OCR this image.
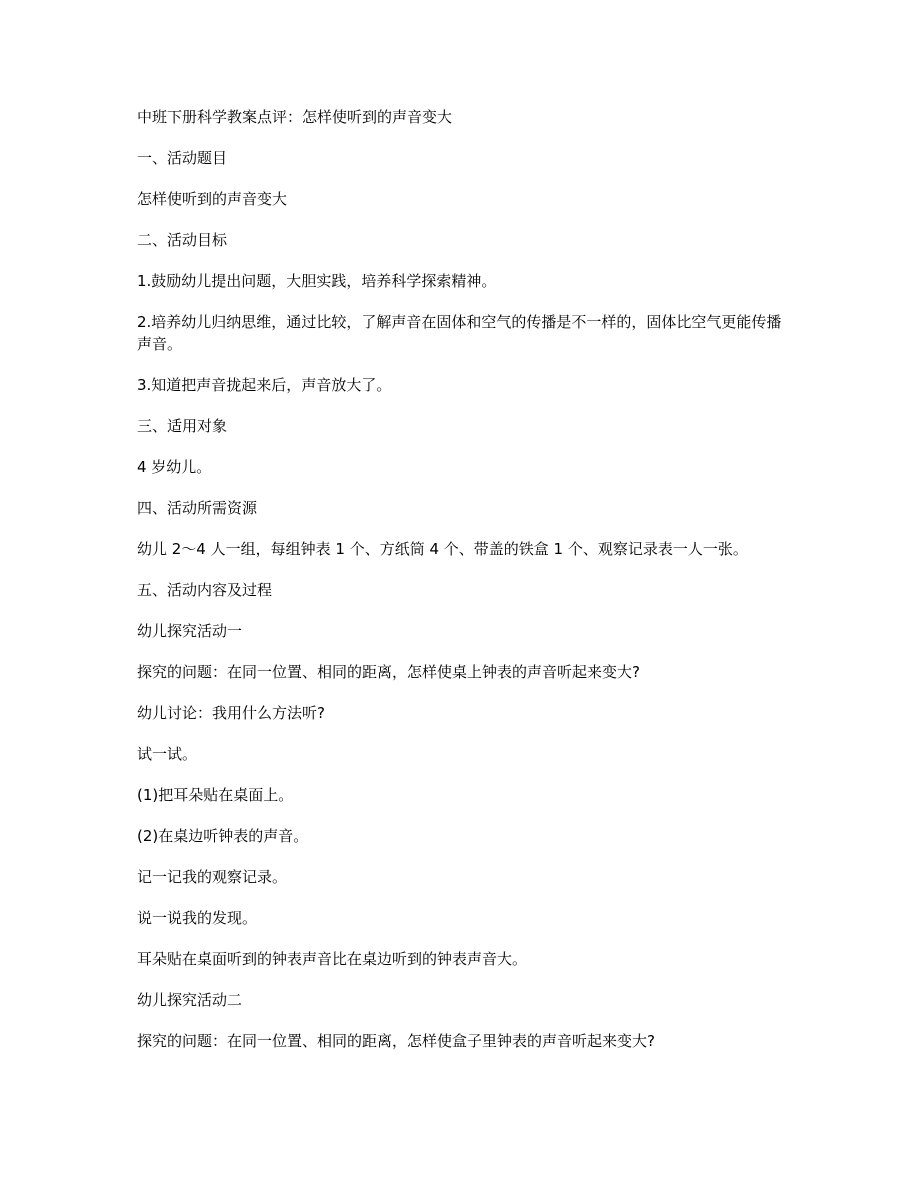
中班下册科学教案点评：怎样使听到的声音变大

一、活动题目

怎样使听到的声音变大

二、活动目标

1.鼓励幼儿提出问题，大胆实践，培养科学探索精神。

2.培养幼儿归纳思维，通过比较，了解声音在固体和空气的传播是不一样的，固体比空气更能传播声音。

3.知道把声音拢起来后，声音放大了。

三、适用对象

4 岁幼儿。

四、活动所需资源

幼儿 2～4 人一组，每组钟表 1 个、方纸筒 4 个、带盖的铁盒 1 个、观察记录表一人一张。

五、活动内容及过程

幼儿探究活动一

探究的问题：在同一位置、相同的距离，怎样使桌上钟表的声音听起来变大?

幼儿讨论：我用什么方法听?

试一试。

(1)把耳朵贴在桌面上。

(2)在桌边听钟表的声音。

记一记我的观察记录。

说一说我的发现。

耳朵贴在桌面听到的钟表声音比在桌边听到的钟表声音大。

幼儿探究活动二

探究的问题：在同一位置、相同的距离，怎样使盒子里钟表的声音听起来变大?
